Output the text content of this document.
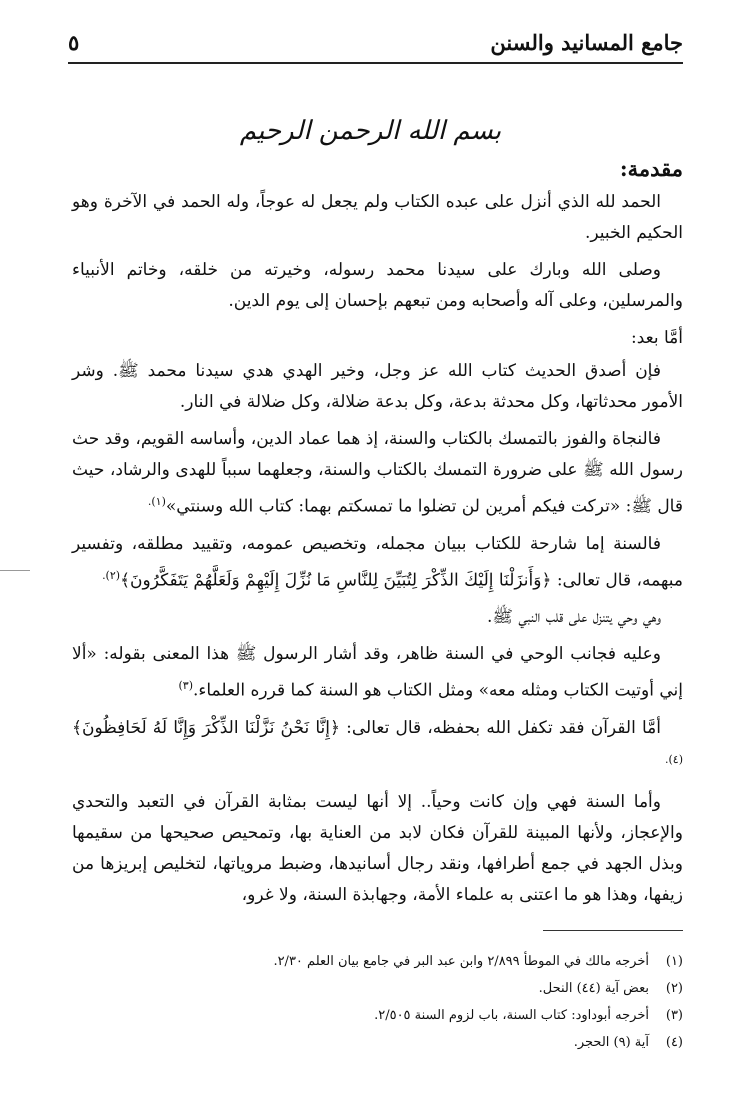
جامع المسانيد والسنن
٥
بسم الله الرحمن الرحيم
مقدمة:

الحمد لله الذي أنزل على عبده الكتاب ولم يجعل له عوجاً، وله الحمد في الآخرة وهو الحكيم الخبير.

وصلى الله وبارك على سيدنا محمد رسوله، وخيرته من خلقه، وخاتم الأنبياء والمرسلين، وعلى آله وأصحابه ومن تبعهم بإحسان إلى يوم الدين.

أمَّا بعد:

فإن أصدق الحديث كتاب الله عز وجل، وخير الهدي هدي سيدنا محمد ﷺ. وشر الأمور محدثاتها، وكل محدثة بدعة، وكل بدعة ضلالة، وكل ضلالة في النار.

فالنجاة والفوز بالتمسك بالكتاب والسنة، إذ هما عماد الدين، وأساسه القويم، وقد حث رسول الله ﷺ على ضرورة التمسك بالكتاب والسنة، وجعلهما سبباً للهدى والرشاد، حيث قال ﷺ: «تركت فيكم أمرين لن تضلوا ما تمسكتم بهما: كتاب الله وسنتي»$^{(١).}$

فالسنة إما شارحة للكتاب ببيان مجمله، وتخصيص عمومه، وتقييد مطلقه، وتفسير مبهمه، قال تعالى: ﴿وَأَنزَلْنَا إِلَيْكَ الذِّكْرَ لِتُبَيِّنَ لِلنَّاسِ مَا نُزِّلَ إِلَيْهِمْ وَلَعَلَّهُمْ يَتَفَكَّرُونَ﴾$^{(٢).}$

وهي وحي يتنزل على قلب النبي ﷺ.

وعليه فجانب الوحي في السنة ظاهر، وقد أشار الرسول ﷺ هذا المعنى بقوله: «ألا إني أوتيت الكتاب ومثله معه» ومثل الكتاب هو السنة كما قرره العلماء.$^{(٣)}$

أمَّا القرآن فقد تكفل الله بحفظه، قال تعالى: ﴿إِنَّا نَحْنُ نَزَّلْنَا الذِّكْرَ وَإِنَّا لَهُ لَحَافِظُونَ﴾$^{(٤).}$

وأما السنة فهي وإن كانت وحياً.. إلا أنها ليست بمثابة القرآن في التعبد والتحدي والإعجاز، ولأنها المبينة للقرآن فكان لابد من العناية بها، وتمحيص صحيحها من سقيمها وبذل الجهد في جمع أطرافها، ونقد رجال أسانيدها، وضبط مروياتها، لتخليص إبريزها من زيفها، وهذا هو ما اعتنى به علماء الأمة، وجهابذة السنة، ولا غرو،

(١)
أخرجه مالك في الموطأ ٢/٨٩٩ وابن عبد البر في جامع بيان العلم ٢/٣٠.
(٢)
بعض آية (٤٤) النحل.
(٣)
أخرجه أبوداود: كتاب السنة، باب لزوم السنة ٢/٥٠٥.
(٤)
آية (٩) الحجر.
